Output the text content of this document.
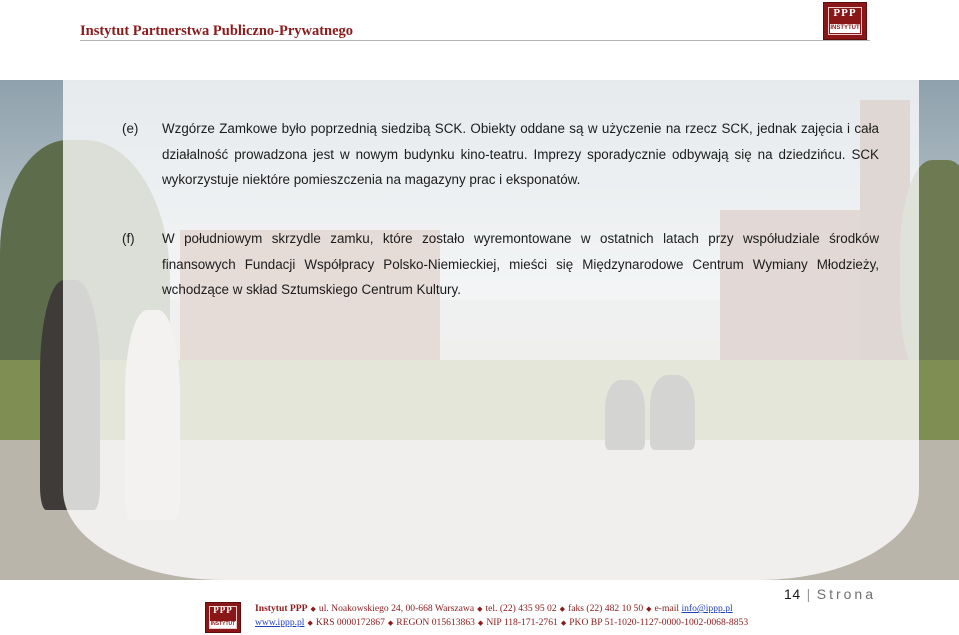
Instytut Partnerstwa Publiczno-Prywatnego
PPP
INSTYTUT
(e)	Wzgórze Zamkowe było poprzednią siedzibą SCK. Obiekty oddane są w użyczenie na rzecz SCK, jednak zajęcia i cała działalność prowadzona jest w nowym budynku kino-teatru. Imprezy sporadycznie odbywają się na dziedzińcu. SCK wykorzystuje niektóre pomieszczenia na magazyny prac i eksponatów.
(f)	W południowym skrzydle zamku, które zostało wyremontowane w ostatnich latach przy współudziale środków finansowych Fundacji Współpracy Polsko-Niemieckiej, mieści się Międzynarodowe Centrum Wymiany Młodzieży, wchodzące w skład Sztumskiego Centrum Kultury.
14 | Strona
PPP
INSTYTUT
Instytut PPP ◆ ul. Noakowskiego 24, 00-668 Warszawa ◆ tel. (22) 435 95 02 ◆ faks (22) 482 10 50 ◆ e-mail info@ippp.pl
www.ippp.pl ◆ KRS 0000172867 ◆ REGON 015613863 ◆ NIP 118-171-2761 ◆ PKO BP 51-1020-1127-0000-1002-0068-8853
